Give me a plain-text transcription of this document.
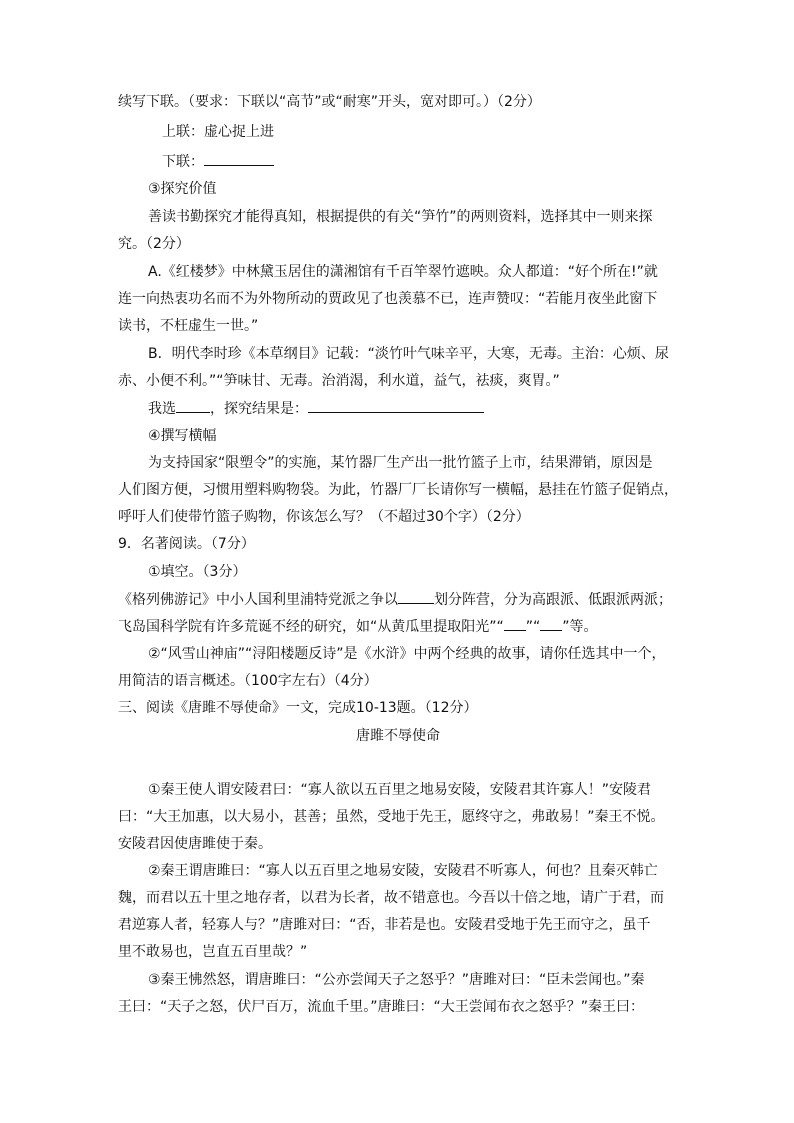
续写下联。（要求：下联以“高节”或“耐寒”开头，宽对即可。）（2分）
上联：虚心捉上进
下联：
③探究价值
善读书勤探究才能得真知，根据提供的有关“笋竹”的两则资料，选择其中一则来探
究。（2分）
A.《红楼梦》中林黛玉居住的潇湘馆有千百竿翠竹遮映。众人都道：“好个所在!”就
连一向热衷功名而不为外物所动的贾政见了也羡慕不已，连声赞叹：“若能月夜坐此窗下
读书，不枉虚生一世。”
B．明代李时珍《本草纲目》记载：“淡竹叶气味辛平，大寒，无毒。主治：心烦、尿
赤、小便不利。”“笋味甘、无毒。治消渴，利水道，益气，祛痰，爽胃。”
我选 ，探究结果是：
④撰写横幅
为支持国家“限塑令”的实施，某竹器厂生产出一批竹篮子上市，结果滞销，原因是
人们图方便，习惯用塑料购物袋。为此，竹器厂厂长请你写一横幅，悬挂在竹篮子促销点，
呼吁人们使带竹篮子购物，你该怎么写？（不超过30个字）（2分）
9．名著阅读。（7分）
①填空。（3分）
《格列佛游记》中小人国利里浦特党派之争以	划分阵营，分为高跟派、低跟派两派；
飞岛国科学院有许多荒诞不经的研究，如“从黄瓜里提取阳光”“ ”“ ”等。
②“风雪山神庙”“浔阳楼题反诗”是《水浒》中两个经典的故事，请你任选其中一个，
用简洁的语言概述。（100字左右）（4分）
三、阅读《唐雎不辱使命》一文，完成10-13题。（12分）
唐雎不辱使命
①秦王使人谓安陵君曰：“寡人欲以五百里之地易安陵，安陵君其许寡人！”安陵君
曰：“大王加惠，以大易小，甚善；虽然，受地于先王，愿终守之，弗敢易！”秦王不悦。
安陵君因使唐雎使于秦。
②秦王谓唐雎曰：“寡人以五百里之地易安陵，安陵君不听寡人，何也？且秦灭韩亡
魏，而君以五十里之地存者，以君为长者，故不错意也。今吾以十倍之地，请广于君，而
君逆寡人者，轻寡人与？”唐雎对曰：“否，非若是也。安陵君受地于先王而守之，虽千
里不敢易也，岂直五百里哉？”
③秦王怫然怒，谓唐雎曰：“公亦尝闻天子之怒乎？”唐雎对曰：“臣未尝闻也。”秦
王曰：“天子之怒，伏尸百万，流血千里。”唐雎曰：“大王尝闻布衣之怒乎？”秦王曰：
